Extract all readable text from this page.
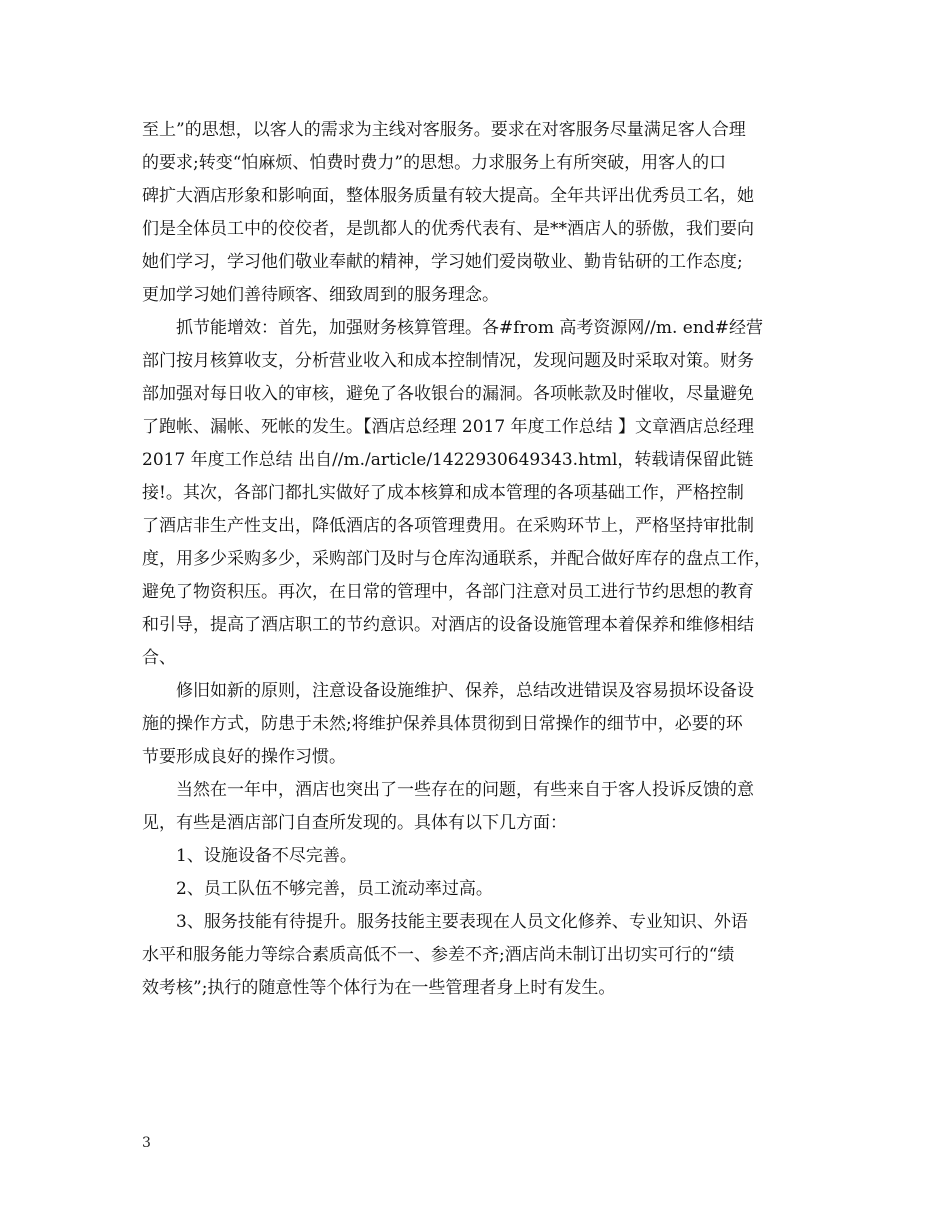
至上”的思想，以客人的需求为主线对客服务。要求在对客服务尽量满足客人合理
的要求;转变“怕麻烦、怕费时费力”的思想。力求服务上有所突破，用客人的口
碑扩大酒店形象和影响面，整体服务质量有较大提高。全年共评出优秀员工名，她
们是全体员工中的佼佼者，是凯都人的优秀代表有、是**酒店人的骄傲，我们要向
她们学习，学习他们敬业奉献的精神，学习她们爱岗敬业、勤肯钻研的工作态度;
更加学习她们善待顾客、细致周到的服务理念。
抓节能增效：首先，加强财务核算管理。各#from 高考资源网//m. end#经营
部门按月核算收支，分析营业收入和成本控制情况，发现问题及时采取对策。财务
部加强对每日收入的审核，避免了各收银台的漏洞。各项帐款及时催收，尽量避免
了跑帐、漏帐、死帐的发生。【酒店总经理 2017 年度工作总结 】文章酒店总经理
2017 年度工作总结 出自//m./article/1422930649343.html，转载请保留此链
接!。其次，各部门都扎实做好了成本核算和成本管理的各项基础工作，严格控制
了酒店非生产性支出，降低酒店的各项管理费用。在采购环节上，严格坚持审批制
度，用多少采购多少，采购部门及时与仓库沟通联系，并配合做好库存的盘点工作，
避免了物资积压。再次，在日常的管理中，各部门注意对员工进行节约思想的教育
和引导，提高了酒店职工的节约意识。对酒店的设备设施管理本着保养和维修相结
合、
修旧如新的原则，注意设备设施维护、保养，总结改进错误及容易损坏设备设
施的操作方式，防患于未然;将维护保养具体贯彻到日常操作的细节中，必要的环
节要形成良好的操作习惯。
当然在一年中，酒店也突出了一些存在的问题，有些来自于客人投诉反馈的意
见，有些是酒店部门自查所发现的。具体有以下几方面：
1、设施设备不尽完善。
2、员工队伍不够完善，员工流动率过高。
3、服务技能有待提升。服务技能主要表现在人员文化修养、专业知识、外语
水平和服务能力等综合素质高低不一、参差不齐;酒店尚未制订出切实可行的“绩
效考核”;执行的随意性等个体行为在一些管理者身上时有发生。
3
